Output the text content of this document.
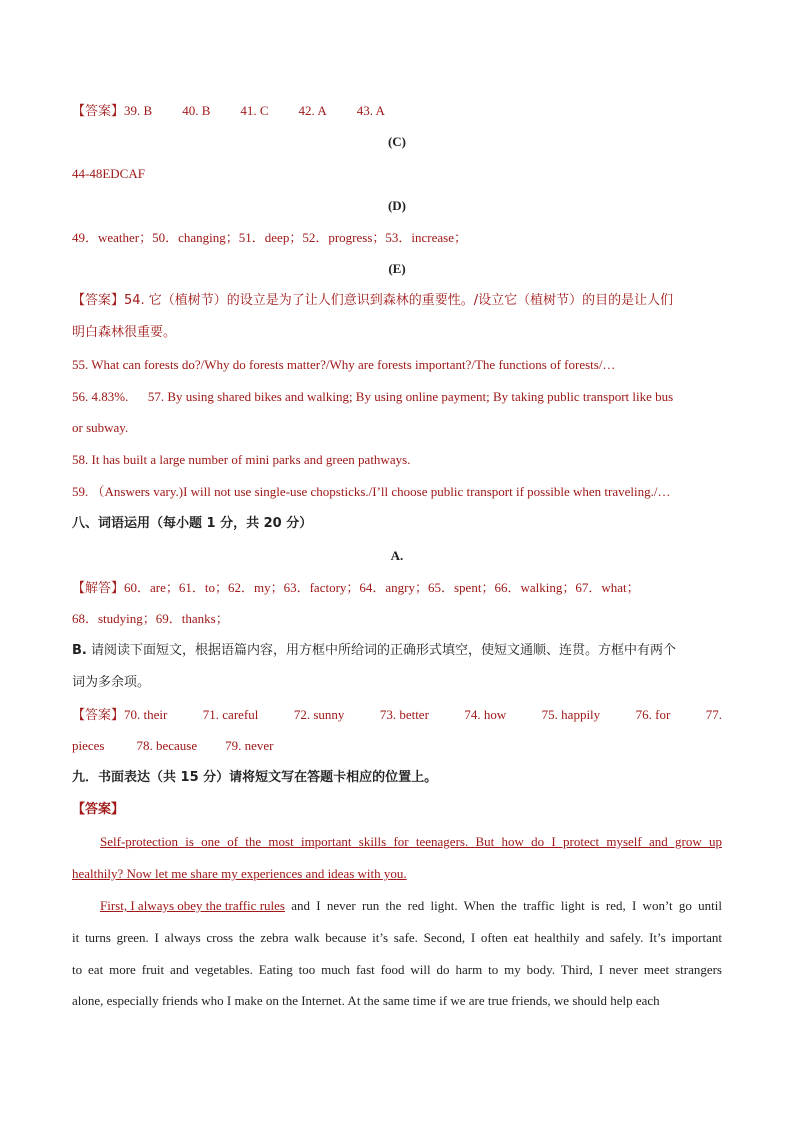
【答案】39. B 40. B 41. C 42. A 43. A
(C)
44-48EDCAF
(D)
49．weather；50．changing；51．deep；52．progress；53．increase；
(E)
【答案】54. 它（植树节）的设立是为了让人们意识到森林的重要性。/设立它（植树节）的目的是让人们
明白森林很重要。
55. What can forests do?/Why do forests matter?/Why are forests important?/The functions of forests/…
56. 4.83%.      57. By using shared bikes and walking; By using online payment; By taking public transport like bus
or subway.
58. It has built a large number of mini parks and green pathways.
59. （Answers vary.)I will not use single-use chopsticks./I’ll choose public transport if possible when traveling./…
八、词语运用（每小题 1 分，共 20 分）
A.
【解答】60．are；61．to；62．my；63．factory；64．angry；65．spent；66．walking；67．what；
68．studying；69．thanks；
B. 请阅读下面短文，根据语篇内容，用方框中所给词的正确形式填空，使短文通顺、连贯。方框中有两个
词为多余项。
【答案】70. their	71. careful	72. sunny	73. better	74. how	75. happily	76. for	77.
pieces 78. because 79. never
九．书面表达（共 15 分）请将短文写在答题卡相应的位置上。
【答案】
Self-protection is one of the most important skills for teenagers. But how do I protect myself and grow up
healthily? Now let me share my experiences and ideas with you.
First, I always obey the traffic rules and I never run the red light. When the traffic light is red, I won’t go until
it turns green. I always cross the zebra walk because it’s safe. Second, I often eat healthily and safely. It’s important
to eat more fruit and vegetables. Eating too much fast food will do harm to my body. Third, I never meet strangers
alone, especially friends who I make on the Internet. At the same time if we are true friends, we should help each
